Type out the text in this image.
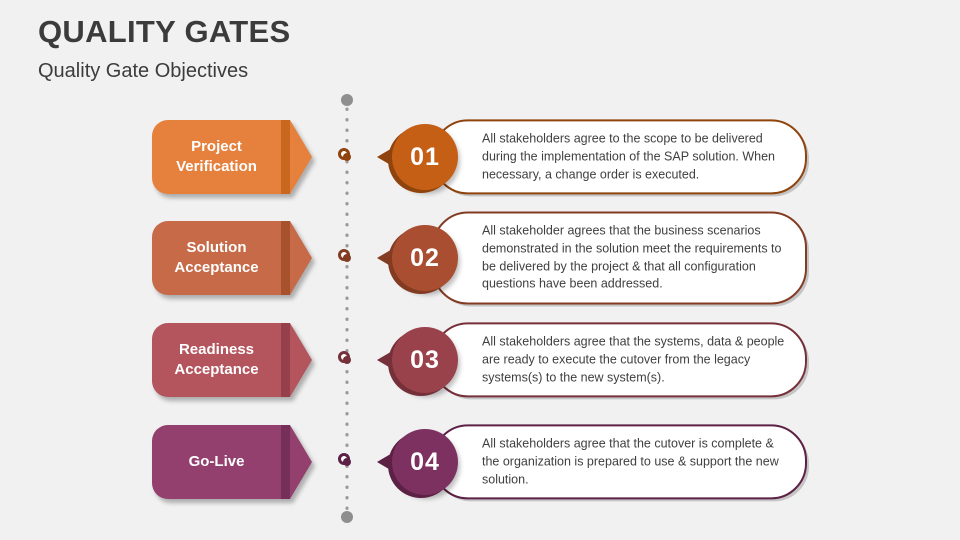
QUALITY GATES
Quality Gate Objectives
Project Verification	01

All stakeholders agree to the scope to be delivered during the implementation of the SAP solution. When necessary, a change order is executed.

Solution Acceptance	02

All stakeholder agrees that the business scenarios demonstrated in the solution meet the requirements to be delivered by the project & that all configuration questions have been addressed.

Readiness Acceptance	03

All stakeholders agree that the systems, data & people are ready to execute the cutover from the legacy systems(s) to the new system(s).

Go-Live	04

All stakeholders agree that the cutover is complete & the organization is prepared to use & support the new solution.
